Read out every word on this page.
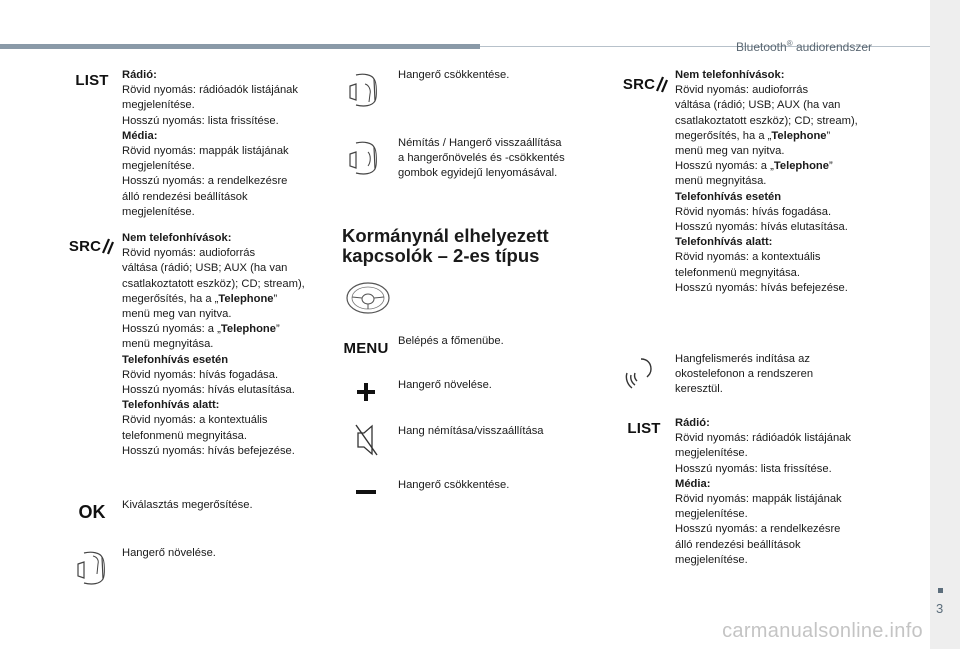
Bluetooth® audiorendszer
3
LIST	Rádió:
Rövid nyomás: rádióadók listájának
megjelenítése.
Hosszú nyomás: lista frissítése.
Média:
Rövid nyomás: mappák listájának
megjelenítése.
Hosszú nyomás: a rendelkezésre
álló rendezési beállítások
megjelenítése.
SRC Nem telefonhívások:
Rövid nyomás: audioforrás
váltása (rádió; USB; AUX (ha van
csatlakoztatott eszköz); CD; stream),
megerősítés, ha a „Telephone”
menü meg van nyitva.
Hosszú nyomás: a „Telephone”
menü megnyitása.
Telefonhívás esetén
Rövid nyomás: hívás fogadása.
Hosszú nyomás: hívás elutasítása.
Telefonhívás alatt:
Rövid nyomás: a kontextuális
telefonmenü megnyitása.
Hosszú nyomás: hívás befejezése.
OK	Kiválasztás megerősítése.
Hangerő növelése.
Hangerő csökkentése.
Némítás / Hangerő visszaállítása
a hangerőnövelés és -csökkentés
gombok egyidejű lenyomásával.
Kormánynál elhelyezett
kapcsolók – 2-es típus
MENU Belépés a főmenübe.
Hangerő növelése.
Hang némítása/visszaállítása
Hangerő csökkentése.
SRC
Nem telefonhívások:
Rövid nyomás: audioforrás
váltása (rádió; USB; AUX (ha van
csatlakoztatott eszköz); CD; stream),
megerősítés, ha a „Telephone”
menü meg van nyitva.
Hosszú nyomás: a „Telephone”
menü megnyitása.
Telefonhívás esetén
Rövid nyomás: hívás fogadása.
Hosszú nyomás: hívás elutasítása.
Telefonhívás alatt:
Rövid nyomás: a kontextuális
telefonmenü megnyitása.
Hosszú nyomás: hívás befejezése.
Hangfelismerés indítása az
okostelefonon a rendszeren
keresztül.
LIST	Rádió:
Rövid nyomás: rádióadók listájának
megjelenítése.
Hosszú nyomás: lista frissítése.
Média:
Rövid nyomás: mappák listájának
megjelenítése.
Hosszú nyomás: a rendelkezésre
álló rendezési beállítások
megjelenítése.
carmanualsonline.info
